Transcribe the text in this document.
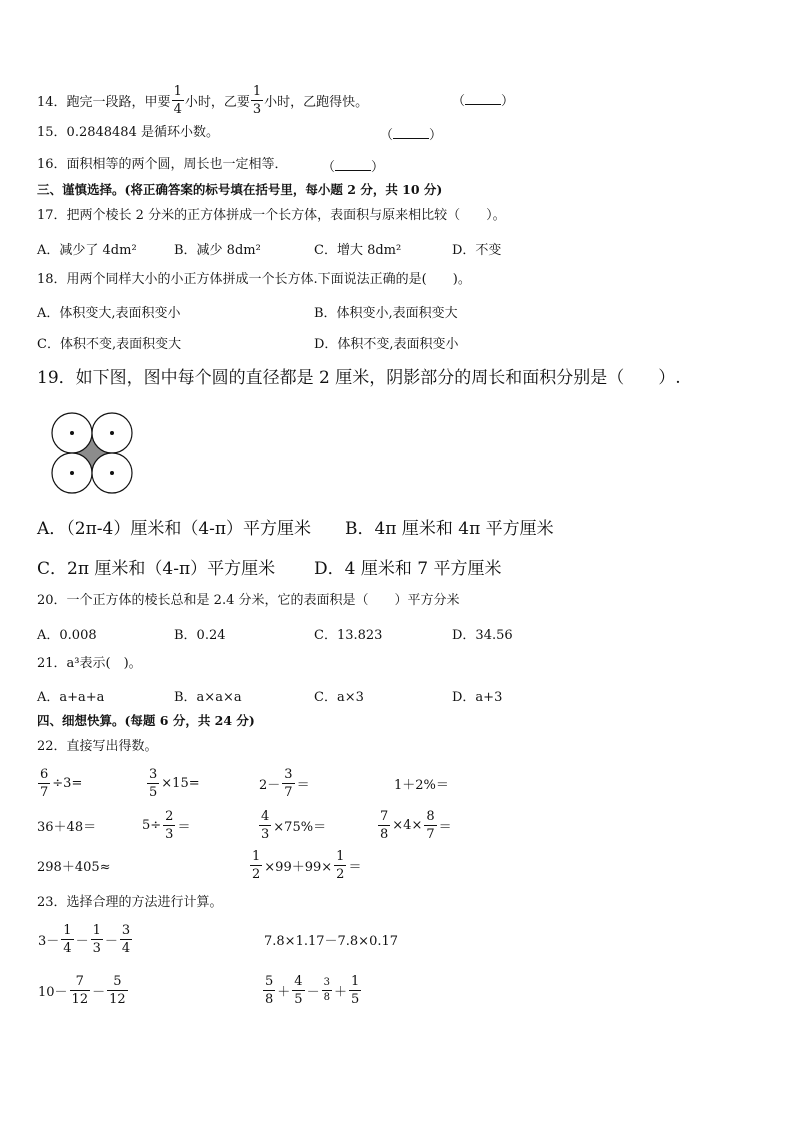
14． 跑完一段路，甲要 $\frac{1}{4}$ 小时，乙要 $\frac{1}{3}$ 小时，乙跑得快。	（	）
15．0.2848484 是循环小数。	（	）
16．面积相等的两个圆，周长也一定相等．	（	）
三、谨慎选择。(将正确答案的标号填在括号里，每小题 2 分，共 10 分)
17．把两个棱长 2 分米的正方体拼成一个长方体，表面积与原来相比较（　　）。
A．减少了 4dm²	B．减少 8dm²	C．增大 8dm²	D．不变
18．用两个同样大小的小正方体拼成一个长方体.下面说法正确的是(　　)。
A．体积变大,表面积变小	B．体积变小,表面积变大
C．体积不变,表面积变大	D．体积不变,表面积变小
19．如下图，图中每个圆的直径都是 2 厘米，阴影部分的周长和面积分别是（　　）.
A．（2π-4）厘米和（4-π）平方厘米 B．4π 厘米和 4π 平方厘米
C．2π 厘米和（4-π）平方厘米 D．4 厘米和 7 平方厘米
20．一个正方体的棱长总和是 2.4 分米，它的表面积是（　　）平方分米
A．0.008	B．0.24	C．13.823	D．34.56
21．a³表示(　)。
A．a+a+a	B．a×a×a	C．a×3	D．a+3
四、细想快算。(每题 6 分，共 24 分)
22．直接写出得数。
$\frac{6}{7} \div 3=$	$\frac{3}{5} \times 15=$	$2- \frac{3}{7}$ ＝	1＋2%＝
36＋48＝	$5\div \frac{2}{3}$ ＝	$\frac{4}{3} \times 75\%=$	$\frac{7}{8} \times 4\times \frac{8}{7}$ ＝
298＋405≈	$\frac{1}{2} \times 99+99\times \frac{1}{2}$ ＝
23．选择合理的方法进行计算。
$3- \frac{1}{4} - \frac{1}{3} - \frac{3}{4}$	7.8×1.17－7.8×0.17
$10- \frac{7}{12} - \frac{5}{12}$	$\frac{5}{8} + \frac{4}{5} - \frac{3}{8} + \frac{1}{5}$
